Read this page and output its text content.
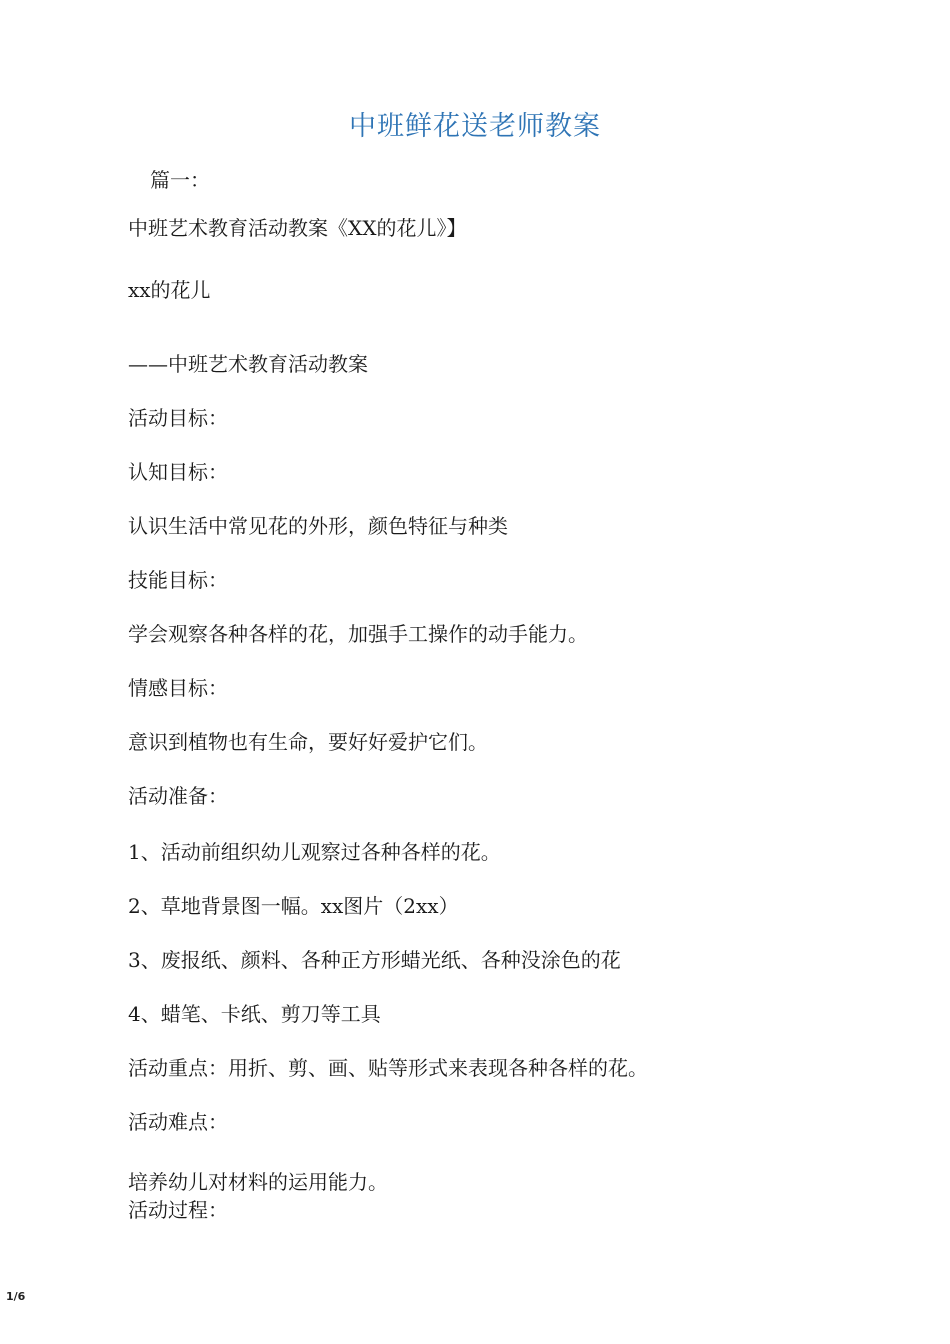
中班鲜花送老师教案
篇一：
中班艺术教育活动教案《XX的花儿》】
xx的花儿
——中班艺术教育活动教案
活动目标：
认知目标：
认识生活中常见花的外形，颜色特征与种类
技能目标：
学会观察各种各样的花，加强手工操作的动手能力。
情感目标：
意识到植物也有生命，要好好爱护它们。
活动准备：
1、活动前组织幼儿观察过各种各样的花。
2、草地背景图一幅。xx图片（2xx）
3、废报纸、颜料、各种正方形蜡光纸、各种没涂色的花
4、蜡笔、卡纸、剪刀等工具
活动重点：用折、剪、画、贴等形式来表现各种各样的花。
活动难点：
培养幼儿对材料的运用能力。
活动过程：
1/6
